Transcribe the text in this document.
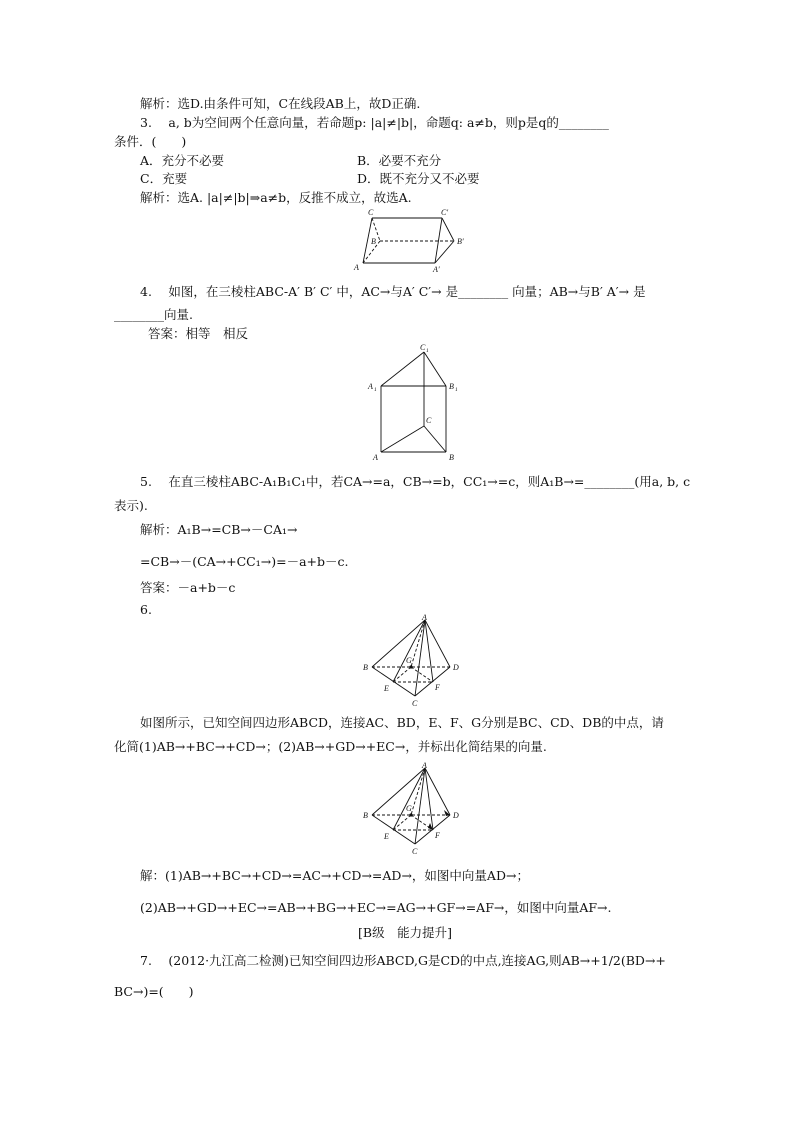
解析：选D.由条件可知，C在线段AB上，故D正确.
3.　 a, b为空间两个任意向量，若命题p: |a|≠|b|，命题q: a≠b，则p是q的________
条件．(　　)
A．充分不必要	B．必要不充分
C．充要	D．既不充分又不必要
解析：选A. |a|≠|b|⇒a≠b，反推不成立，故选A.
C	C′
B	B′
A	A′
4.　 如图，在三棱柱ABC-A′ B′ C′ 中，AC→与A′ C′→ 是________ 向量；AB→与B′ A′→ 是
________向量.
答案：相等　相反
C 1
A 1	B 1
C
A	B
5.　 在直三棱柱ABC-A₁B₁C₁中，若CA→=a，CB→=b，CC₁→=c，则A₁B→=________(用a, b, c
表示).
解析：A₁B→=CB→－CA₁→
=CB→－(CA→+CC₁→)=－a+b－c.
答案：－a+b－c
6.
A
B	D
G
E	F
C
如图所示，已知空间四边形ABCD，连接AC、BD，E、F、G分别是BC、CD、DB的中点，请
化简(1)AB→+BC→+CD→；(2)AB→+GD→+EC→，并标出化简结果的向量.
A
B	D
G
E	F
C
解：(1)AB→+BC→+CD→=AC→+CD→=AD→，如图中向量AD→；
(2)AB→+GD→+EC→=AB→+BG→+EC→=AG→+GF→=AF→，如图中向量AF→.
[B级　能力提升]
7.　 (2012·九江高二检测)已知空间四边形ABCD,G是CD的中点,连接AG,则AB→+1/2(BD→+
BC→)=(　　)
